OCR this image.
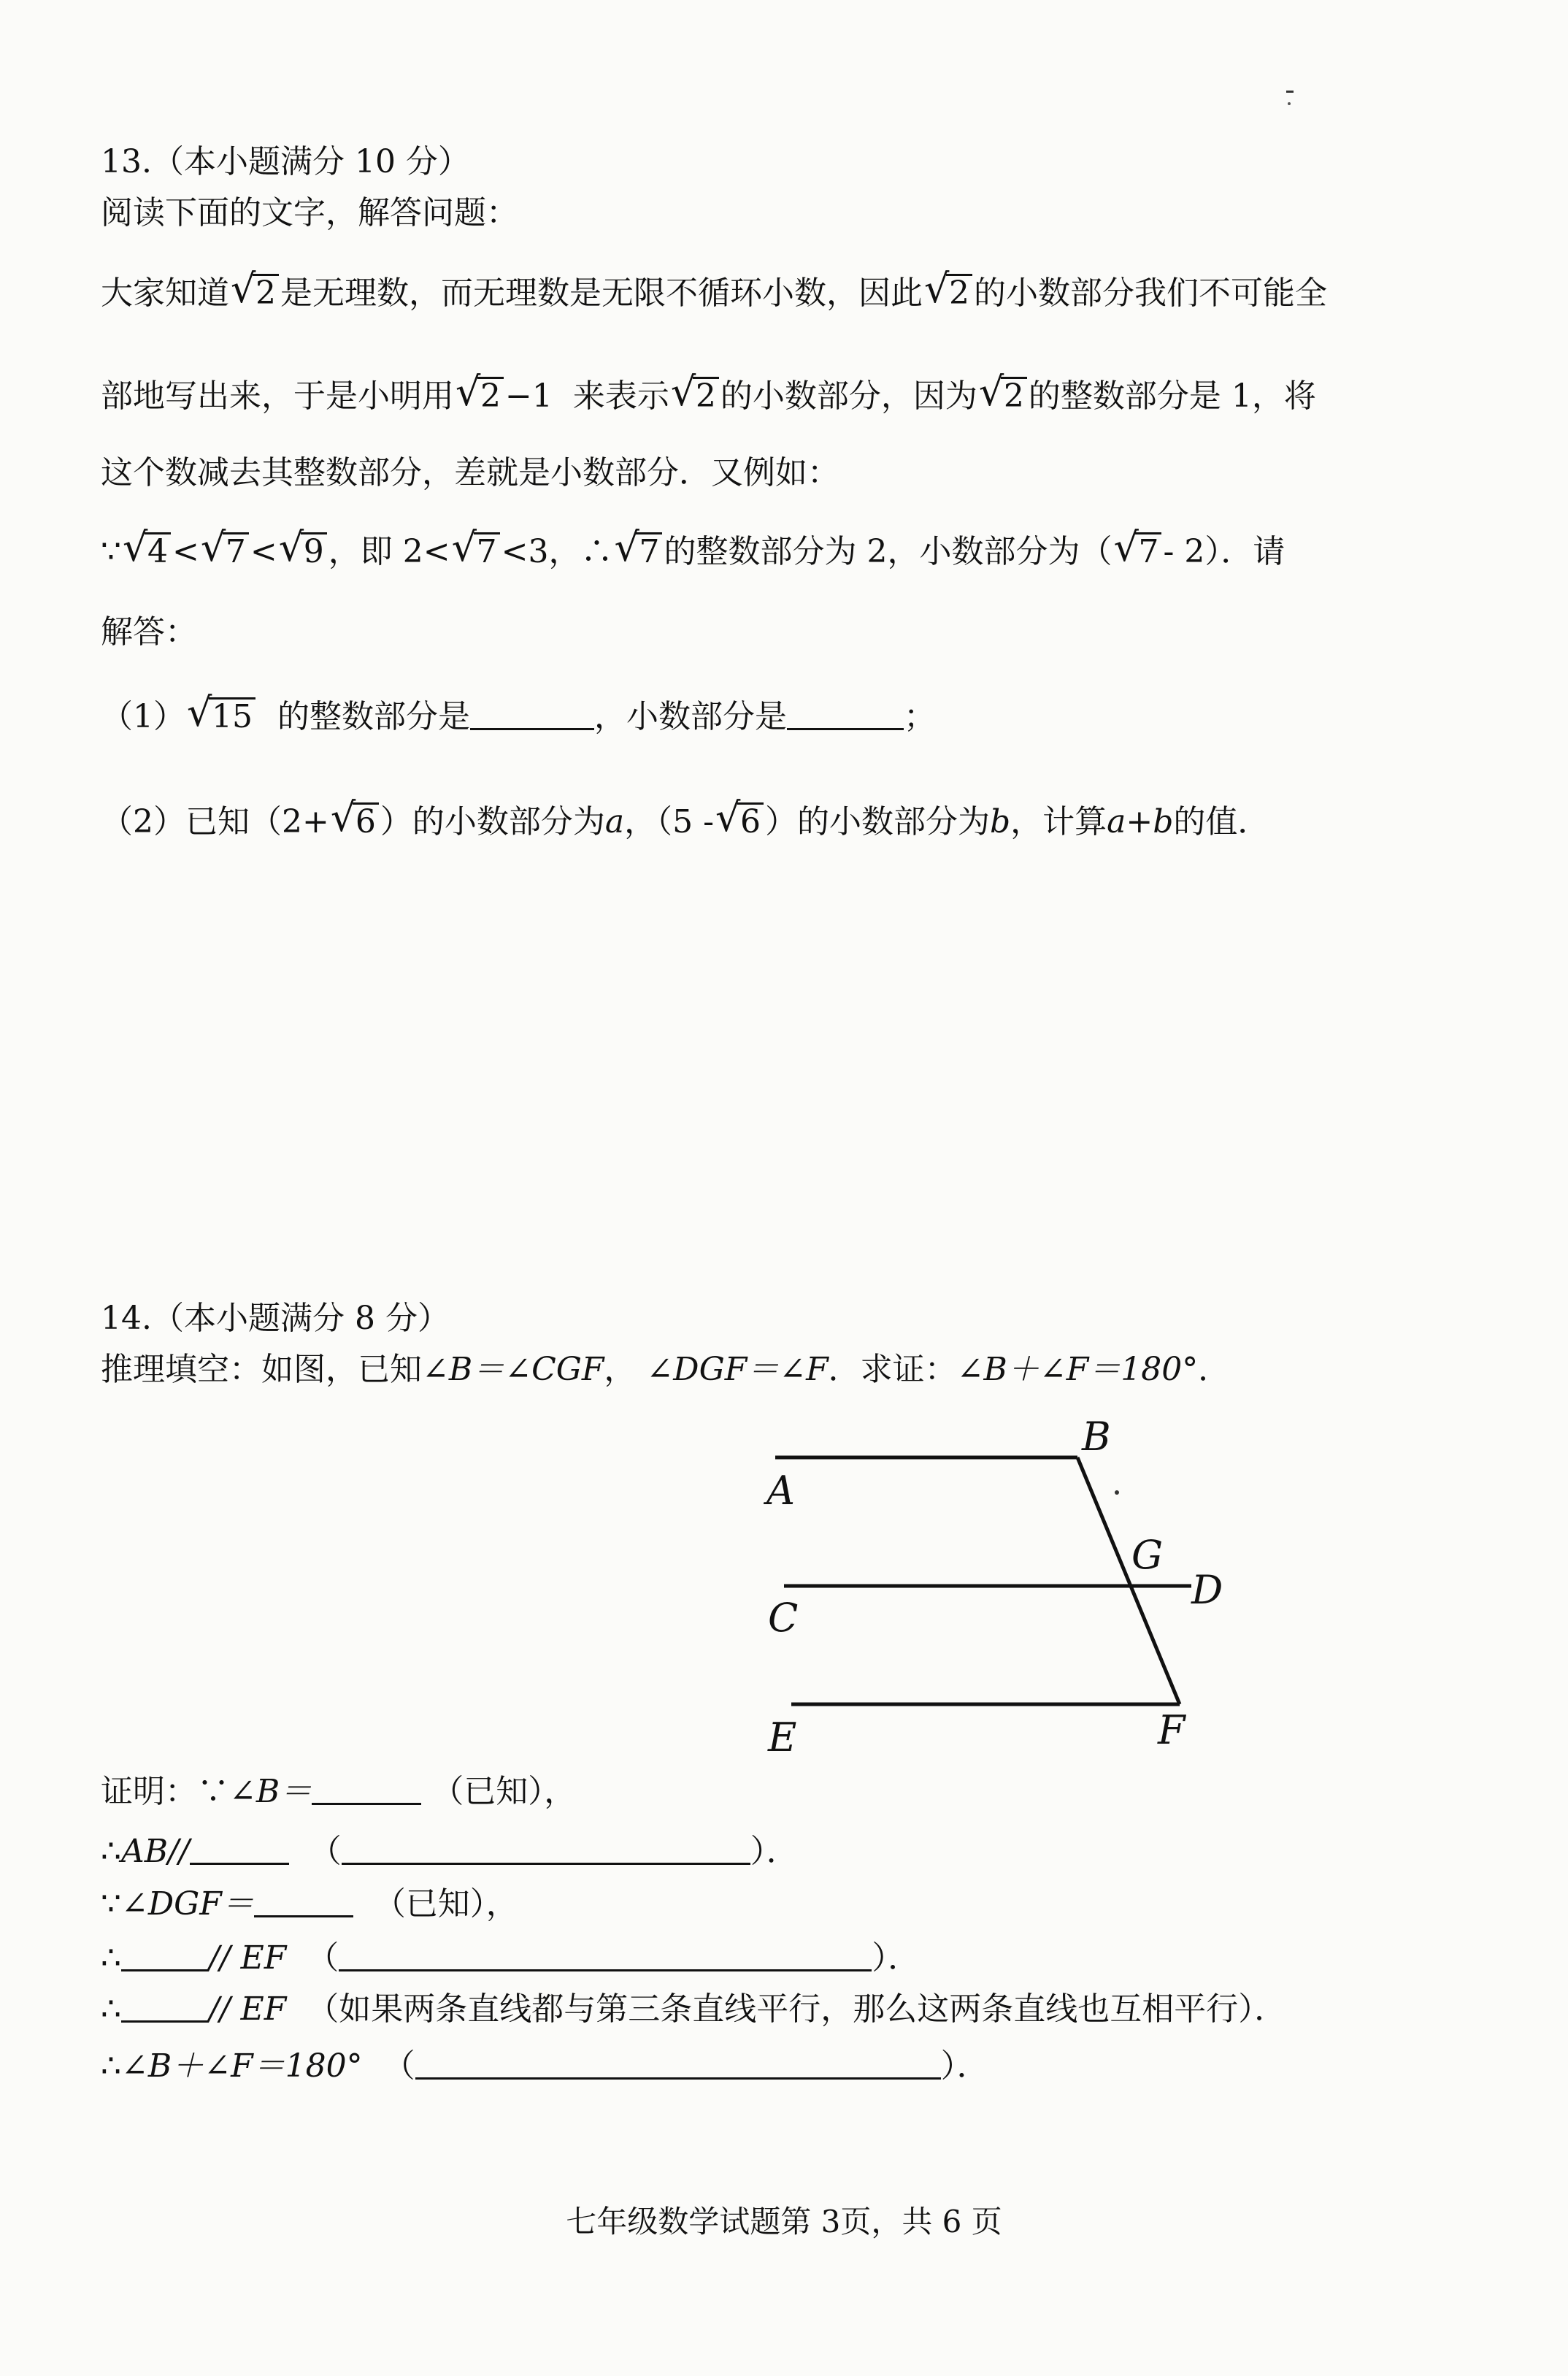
13.（本小题满分 10 分）
阅读下面的文字，解答问题：
大家知道 √ 2 是无理数，而无理数是无限不循环小数，因此 √ 2 的小数部分我们不可能全
部地写出来，于是小明用 √ 2 −1 来表示 √ 2 的小数部分，因为 √ 2 的整数部分是 1，将
这个数减去其整数部分，差就是小数部分．又例如：
∵ √ 4 < √ 7 < √ 9 ，即 2< √ 7 <3，∴ √ 7 的整数部分为 2，小数部分为（ √ 7 - 2）．请
解答：
（1） √ 15 的整数部分是	，小数部分是	；
（2）已知（2+ √ 6 ）的小数部分为a，（5 - √ 6 ）的小数部分为b，计算a+b的值．
14.（本小题满分 8 分）
推理填空：如图，已知∠B＝∠CGF， ∠DGF＝∠F．求证：∠B＋∠F＝180°．
A
B
C
D
E	F
G
证明：∵∠B＝	（已知），
∴AB//	（	）．
∵∠DGF＝	（已知），
∴	// EF （	）．
∴	// EF （如果两条直线都与第三条直线平行，那么这两条直线也互相平行）．
∴∠B＋∠F＝180° （	）．
七年级数学试题第 3页，共 6 页
